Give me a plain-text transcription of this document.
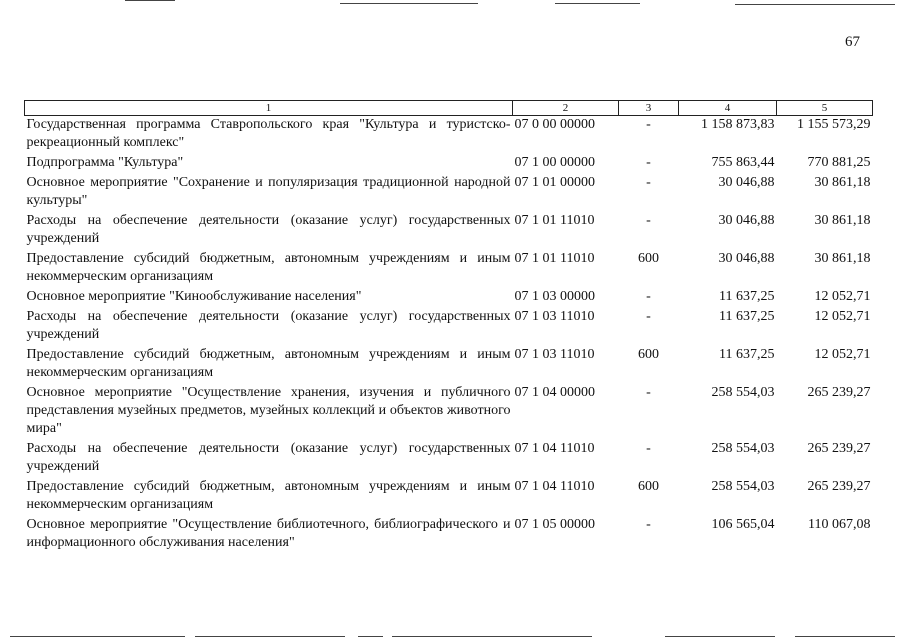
67
1	2	3	4	5
Государственная программа Ставропольского края "Культура и туристско-рекреационный комплекс"	07 0 00 00000	-	1 158 873,83	1 155 573,29
Подпрограмма "Культура"	07 1 00 00000	-	755 863,44	770 881,25
Основное мероприятие "Сохранение и популяризация традиционной народной культуры"	07 1 01 00000	-	30 046,88	30 861,18
Расходы на обеспечение деятельности (оказание услуг) государственных учреждений	07 1 01 11010	-	30 046,88	30 861,18
Предоставление субсидий бюджетным, автономным учреждениям и иным некоммерческим организациям	07 1 01 11010	600	30 046,88	30 861,18
Основное мероприятие "Кинообслуживание населения"	07 1 03 00000	-	11 637,25	12 052,71
Расходы на обеспечение деятельности (оказание услуг) государственных учреждений	07 1 03 11010	-	11 637,25	12 052,71
Предоставление субсидий бюджетным, автономным учреждениям и иным некоммерческим организациям	07 1 03 11010	600	11 637,25	12 052,71
Основное мероприятие "Осуществление хранения, изучения и публичного представления музейных предметов, музейных коллекций и объектов животного мира"	07 1 04 00000	-	258 554,03	265 239,27
Расходы на обеспечение деятельности (оказание услуг) государственных учреждений	07 1 04 11010	-	258 554,03	265 239,27
Предоставление субсидий бюджетным, автономным учреждениям и иным некоммерческим организациям	07 1 04 11010	600	258 554,03	265 239,27
Основное мероприятие "Осуществление библиотечного, библиографического и информационного обслуживания населения"	07 1 05 00000	-	106 565,04	110 067,08
